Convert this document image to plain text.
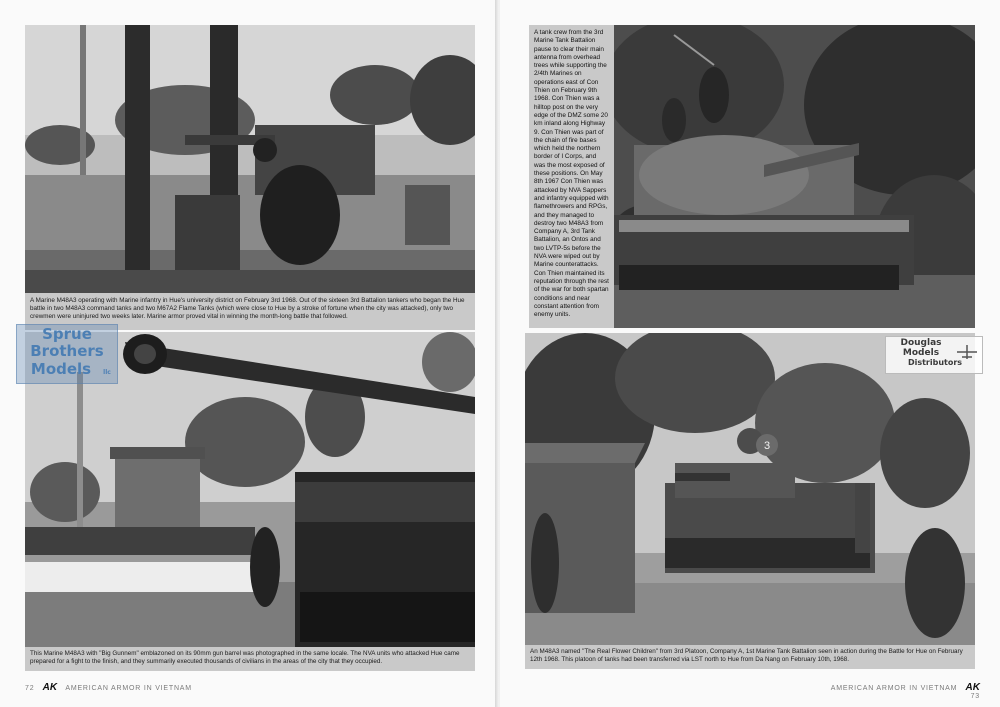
A Marine M48A3 operating with Marine infantry in Hue's university district on February 3rd 1968. Out of the sixteen 3rd Battalion tankers who began the Hue battle in two M48A3 command tanks and two M67A2 Flame Tanks (which were close to Hue by a stroke of fortune when the city was attacked), only two crewmen were uninjured two weeks later. Marine armor proved vital in winning the month-long battle that followed.
This Marine M48A3 with "Big Gunnem" emblazoned on its 90mm gun barrel was photographed in the same locale. The NVA units who attacked Hue came prepared for a fight to the finish, and they summarily executed thousands of civilians in the areas of the city that they occupied.
Sprue
Brothers
Models	llc
72 AK AMERICAN ARMOR IN VIETNAM
A tank crew from the 3rd Marine Tank Battalion pause to clear their main antenna from overhead trees while supporting the 2/4th Marines on operations east of Con Thien on February 9th 1968. Con Thien was a hilltop post on the very edge of the DMZ some 20 km inland along Highway 9. Con Thien was part of the chain of fire bases which held the northern border of I Corps, and was the most exposed of these positions. On May 8th 1967 Con Thien was attacked by NVA Sappers and infantry equipped with flamethrowers and RPGs, and they managed to destroy two M48A3 from Company A, 3rd Tank Battalion, an Ontos and two LVTP-5s before the NVA were wiped out by Marine counterattacks. Con Thien maintained its reputation through the rest of the war for both spartan conditions and near constant attention from enemy units.
3
An M48A3 named "The Real Flower Children" from 3rd Platoon, Company A, 1st Marine Tank Battalion seen in action during the Battle for Hue on February 12th 1968. This platoon of tanks had been transferred via LST north to Hue from Da Nang on February 10th, 1968.
Douglas
Models
Distributors
AMERICAN ARMOR IN VIETNAM AK   73
